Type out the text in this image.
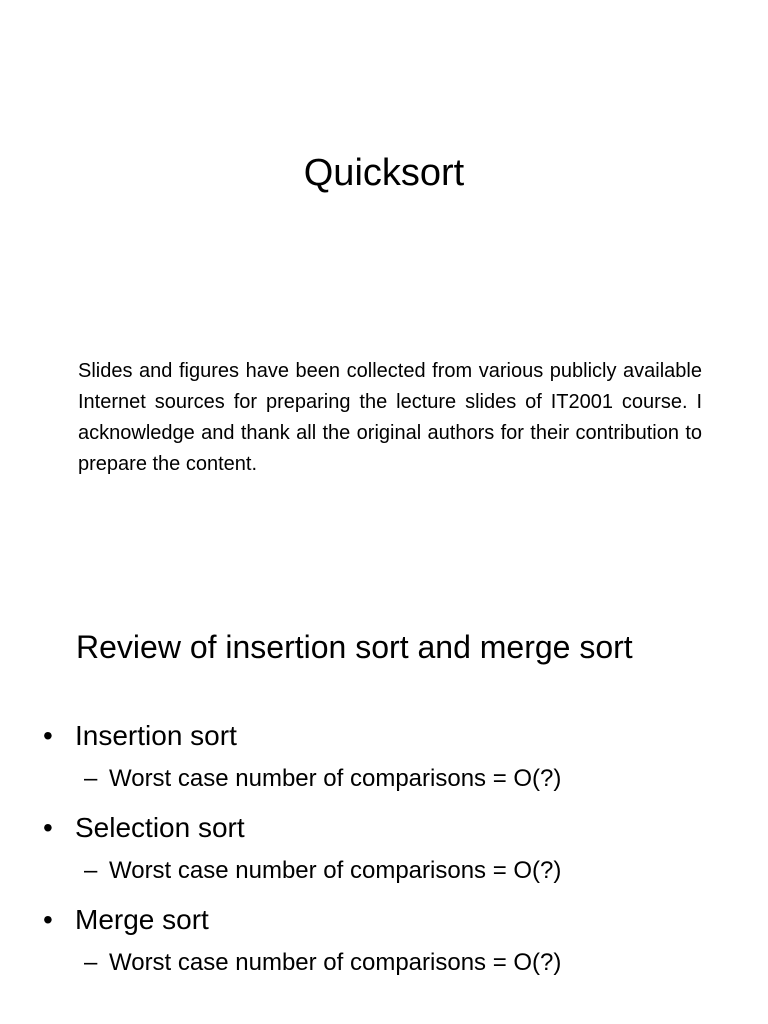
Quicksort

Slides and figures have been collected from various publicly available Internet sources for preparing the lecture slides of IT2001 course. I acknowledge and thank all the original authors for their contribution to prepare the content.

Review of insertion sort and merge sort
• Insertion sort
– Worst case number of comparisons = O(?)
• Selection sort
– Worst case number of comparisons = O(?)
• Merge sort
– Worst case number of comparisons = O(?)
